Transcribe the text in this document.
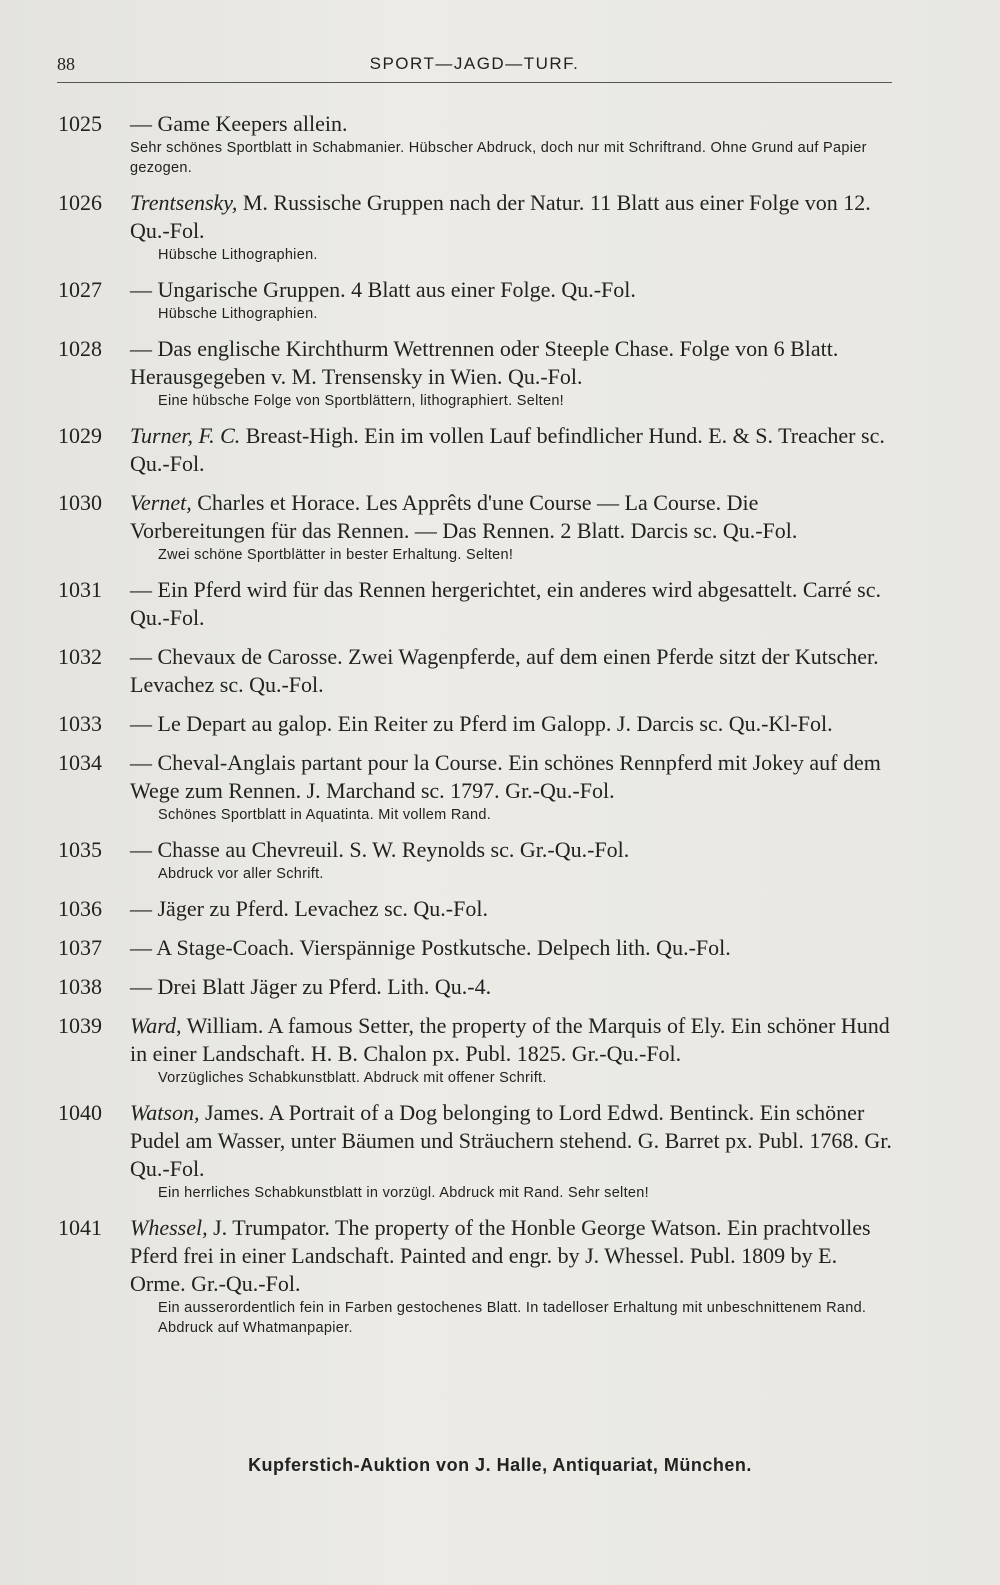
88	SPORT—JAGD—TURF.
1025 — Game Keepers allein.
Sehr schönes Sportblatt in Schabmanier. Hübscher Abdruck, doch nur mit Schriftrand. Ohne Grund auf Papier gezogen.
1026 Trentsensky, M. Russische Gruppen nach der Natur. 11 Blatt aus einer Folge von 12. Qu.-Fol.
Hübsche Lithographien.
1027 — Ungarische Gruppen. 4 Blatt aus einer Folge. Qu.-Fol.
Hübsche Lithographien.
1028 — Das englische Kirchthurm Wettrennen oder Steeple Chase. Folge von 6 Blatt. Herausgegeben v. M. Trensensky in Wien. Qu.-Fol.
Eine hübsche Folge von Sportblättern, lithographiert. Selten!
1029 Turner, F. C. Breast-High. Ein im vollen Lauf befindlicher Hund. E. & S. Treacher sc. Qu.-Fol.
1030 Vernet, Charles et Horace. Les Apprêts d'une Course — La Course. Die Vorbereitungen für das Rennen. — Das Rennen. 2 Blatt. Darcis sc. Qu.-Fol.
Zwei schöne Sportblätter in bester Erhaltung. Selten!
1031 — Ein Pferd wird für das Rennen hergerichtet, ein anderes wird abgesattelt. Carré sc. Qu.-Fol.
1032 — Chevaux de Carosse. Zwei Wagenpferde, auf dem einen Pferde sitzt der Kutscher. Levachez sc. Qu.-Fol.
1033 — Le Depart au galop. Ein Reiter zu Pferd im Galopp. J. Darcis sc. Qu.-Kl-Fol.
1034 — Cheval-Anglais partant pour la Course. Ein schönes Rennpferd mit Jokey auf dem Wege zum Rennen. J. Marchand sc. 1797. Gr.-Qu.-Fol.
Schönes Sportblatt in Aquatinta. Mit vollem Rand.
1035 — Chasse au Chevreuil. S. W. Reynolds sc. Gr.-Qu.-Fol.
Abdruck vor aller Schrift.
1036 — Jäger zu Pferd. Levachez sc. Qu.-Fol.
1037 — A Stage-Coach. Vierspännige Postkutsche. Delpech lith. Qu.-Fol.
1038 — Drei Blatt Jäger zu Pferd. Lith. Qu.-4.
1039 Ward, William. A famous Setter, the property of the Marquis of Ely. Ein schöner Hund in einer Landschaft. H. B. Chalon px. Publ. 1825. Gr.-Qu.-Fol.
Vorzügliches Schabkunstblatt. Abdruck mit offener Schrift.
1040 Watson, James. A Portrait of a Dog belonging to Lord Edwd. Bentinck. Ein schöner Pudel am Wasser, unter Bäumen und Sträuchern stehend. G. Barret px. Publ. 1768. Gr. Qu.-Fol.
Ein herrliches Schabkunstblatt in vorzügl. Abdruck mit Rand. Sehr selten!
1041 Whessel, J. Trumpator. The property of the Honble George Watson. Ein prachtvolles Pferd frei in einer Landschaft. Painted and engr. by J. Whessel. Publ. 1809 by E. Orme. Gr.-Qu.-Fol.
Ein ausserordentlich fein in Farben gestochenes Blatt. In tadelloser Erhaltung mit unbeschnittenem Rand. Abdruck auf Whatmanpapier.
Kupferstich-Auktion von J. Halle, Antiquariat, München.
